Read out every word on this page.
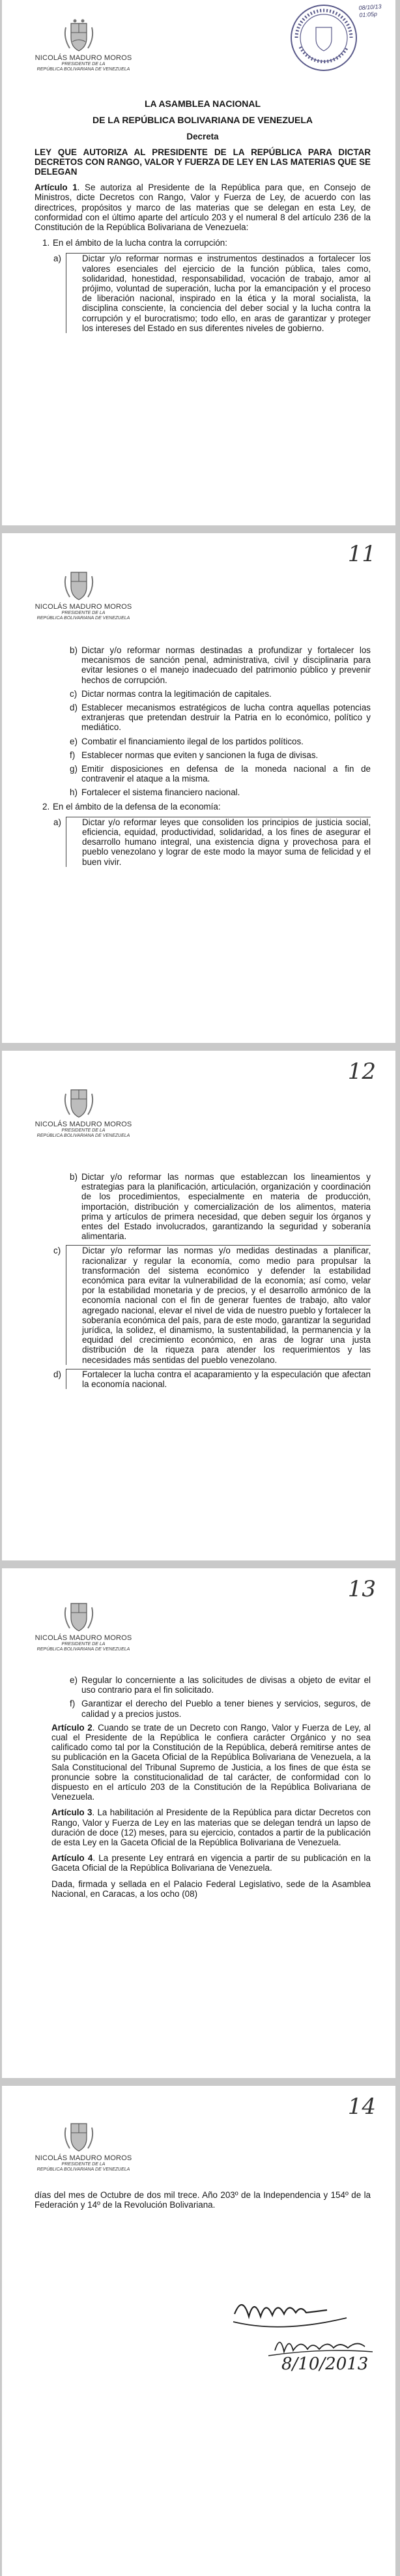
NICOLÁS MADURO MOROS
PRESIDENTE DE LA
REPÚBLICA BOLIVARIANA DE VENEZUELA
08/10/13
01:05p

LA ASAMBLEA NACIONAL

DE LA REPÚBLICA BOLIVARIANA DE VENEZUELA

Decreta

LEY QUE AUTORIZA AL PRESIDENTE DE LA REPÚBLICA PARA DICTAR DECRETOS CON RANGO, VALOR Y FUERZA DE LEY EN LAS MATERIAS QUE SE DELEGAN

Artículo 1. Se autoriza al Presidente de la República para que, en Consejo de Ministros, dicte Decretos con Rango, Valor y Fuerza de Ley, de acuerdo con las directrices, propósitos y marco de las materias que se delegan en esta Ley, de conformidad con el último aparte del artículo 203 y el numeral 8 del artículo 236 de la Constitución de la República Bolivariana de Venezuela:

1. En el ámbito de la lucha contra la corrupción:
a) Dictar y/o reformar normas e instrumentos destinados a fortalecer los valores esenciales del ejercicio de la función pública, tales como, solidaridad, honestidad, responsabilidad, vocación de trabajo, amor al prójimo, voluntad de superación, lucha por la emancipación y el proceso de liberación nacional, inspirado en la ética y la moral socialista, la disciplina consciente, la conciencia del deber social y la lucha contra la corrupción y el burocratismo; todo ello, en aras de garantizar y proteger los intereses del Estado en sus diferentes niveles de gobierno.
11
NICOLÁS MADURO MOROS
PRESIDENTE DE LA
REPÚBLICA BOLIVARIANA DE VENEZUELA
b) Dictar y/o reformar normas destinadas a profundizar y fortalecer los mecanismos de sanción penal, administrativa, civil y disciplinaria para evitar lesiones o el manejo inadecuado del patrimonio público y prevenir hechos de corrupción.
c) Dictar normas contra la legitimación de capitales.
d) Establecer mecanismos estratégicos de lucha contra aquellas potencias extranjeras que pretendan destruir la Patria en lo económico, político y mediático.
e) Combatir el financiamiento ilegal de los partidos políticos.
f) Establecer normas que eviten y sancionen la fuga de divisas.
g) Emitir disposiciones en defensa de la moneda nacional a fin de contravenir el ataque a la misma.
h) Fortalecer el sistema financiero nacional.
2. En el ámbito de la defensa de la economía:
a) Dictar y/o reformar leyes que consoliden los principios de justicia social, eficiencia, equidad, productividad, solidaridad, a los fines de asegurar el desarrollo humano integral, una existencia digna y provechosa para el pueblo venezolano y lograr de este modo la mayor suma de felicidad y el buen vivir.
12
NICOLÁS MADURO MOROS
PRESIDENTE DE LA
REPÚBLICA BOLIVARIANA DE VENEZUELA
b) Dictar y/o reformar las normas que establezcan los lineamientos y estrategias para la planificación, articulación, organización y coordinación de los procedimientos, especialmente en materia de producción, importación, distribución y comercialización de los alimentos, materia prima y artículos de primera necesidad, que deben seguir los órganos y entes del Estado involucrados, garantizando la seguridad y soberanía alimentaria.
c) Dictar y/o reformar las normas y/o medidas destinadas a planificar, racionalizar y regular la economía, como medio para propulsar la transformación del sistema económico y defender la estabilidad económica para evitar la vulnerabilidad de la economía; así como, velar por la estabilidad monetaria y de precios, y el desarrollo armónico de la economía nacional con el fin de generar fuentes de trabajo, alto valor agregado nacional, elevar el nivel de vida de nuestro pueblo y fortalecer la soberanía económica del país, para de este modo, garantizar la seguridad jurídica, la solidez, el dinamismo, la sustentabilidad, la permanencia y la equidad del crecimiento económico, en aras de lograr una justa distribución de la riqueza para atender los requerimientos y las necesidades más sentidas del pueblo venezolano.
d) Fortalecer la lucha contra el acaparamiento y la especulación que afectan la economía nacional.
13
NICOLÁS MADURO MOROS
PRESIDENTE DE LA
REPÚBLICA BOLIVARIANA DE VENEZUELA
e) Regular lo concerniente a las solicitudes de divisas a objeto de evitar el uso contrario para el fin solicitado.
f) Garantizar el derecho del Pueblo a tener bienes y servicios, seguros, de calidad y a precios justos.

Artículo 2. Cuando se trate de un Decreto con Rango, Valor y Fuerza de Ley, al cual el Presidente de la República le confiera carácter Orgánico y no sea calificado como tal por la Constitución de la República, deberá remitirse antes de su publicación en la Gaceta Oficial de la República Bolivariana de Venezuela, a la Sala Constitucional del Tribunal Supremo de Justicia, a los fines de que ésta se pronuncie sobre la constitucionalidad de tal carácter, de conformidad con lo dispuesto en el artículo 203 de la Constitución de la República Bolivariana de Venezuela.

Artículo 3. La habilitación al Presidente de la República para dictar Decretos con Rango, Valor y Fuerza de Ley en las materias que se delegan tendrá un lapso de duración de doce (12) meses, para su ejercicio, contados a partir de la publicación de esta Ley en la Gaceta Oficial de la República Bolivariana de Venezuela.

Artículo 4. La presente Ley entrará en vigencia a partir de su publicación en la Gaceta Oficial de la República Bolivariana de Venezuela.

Dada, firmada y sellada en el Palacio Federal Legislativo, sede de la Asamblea Nacional, en Caracas, a los ocho (08)

14
NICOLÁS MADURO MOROS
PRESIDENTE DE LA
REPÚBLICA BOLIVARIANA DE VENEZUELA

días del mes de Octubre de dos mil trece. Año 203º de la Independencia y 154º de la Federación y 14º de la Revolución Bolivariana.

8/10/2013
